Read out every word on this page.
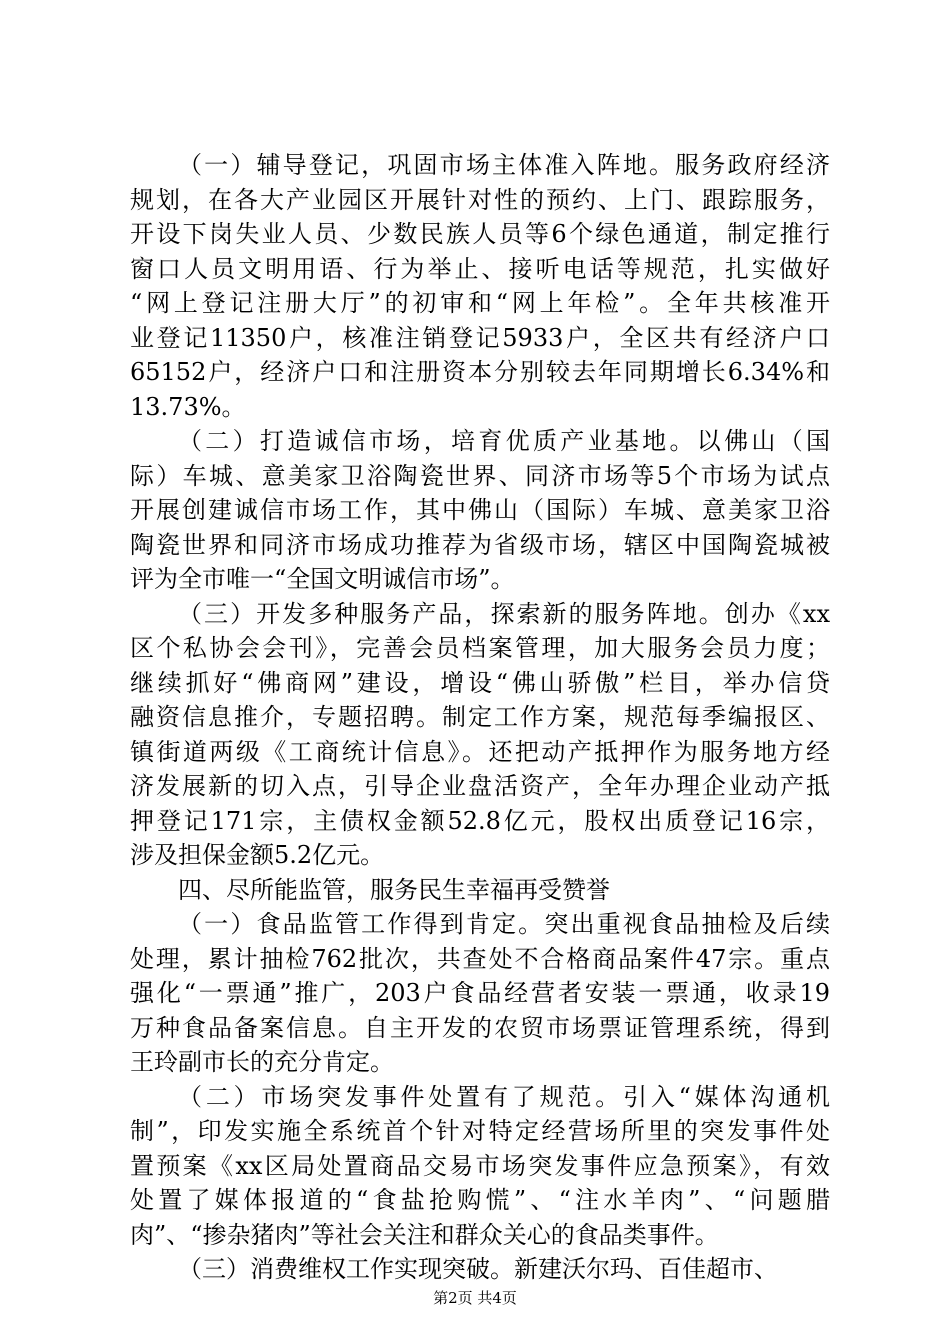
（一）辅导登记，巩固市场主体准入阵地。服务政府经济
规划，在各大产业园区开展针对性的预约、上门、跟踪服务，
开设下岗失业人员、少数民族人员等6个绿色通道，制定推行
窗口人员文明用语、行为举止、接听电话等规范，扎实做好
“网上登记注册大厅”的初审和“网上年检”。全年共核准开
业登记11350户，核准注销登记5933户，全区共有经济户口
65152户，经济户口和注册资本分别较去年同期增长6.34%和
13.73%。
（二）打造诚信市场，培育优质产业基地。以佛山（国
际）车城、意美家卫浴陶瓷世界、同济市场等5个市场为试点
开展创建诚信市场工作，其中佛山（国际）车城、意美家卫浴
陶瓷世界和同济市场成功推荐为省级市场，辖区中国陶瓷城被
评为全市唯一“全国文明诚信市场”。
（三）开发多种服务产品，探索新的服务阵地。创办《xx
区个私协会会刊》，完善会员档案管理，加大服务会员力度；
继续抓好“佛商网”建设，增设“佛山骄傲”栏目，举办信贷
融资信息推介，专题招聘。制定工作方案，规范每季编报区、
镇街道两级《工商统计信息》。还把动产抵押作为服务地方经
济发展新的切入点，引导企业盘活资产，全年办理企业动产抵
押登记171宗，主债权金额52.8亿元，股权出质登记16宗，
涉及担保金额5.2亿元。
四、尽所能监管，服务民生幸福再受赞誉
（一）食品监管工作得到肯定。突出重视食品抽检及后续
处理，累计抽检762批次，共查处不合格商品案件47宗。重点
强化“一票通”推广，203户食品经营者安装一票通，收录19
万种食品备案信息。自主开发的农贸市场票证管理系统，得到
王玲副市长的充分肯定。
（二）市场突发事件处置有了规范。引入“媒体沟通机
制”，印发实施全系统首个针对特定经营场所里的突发事件处
置预案《xx区局处置商品交易市场突发事件应急预案》，有效
处置了媒体报道的“食盐抢购慌”、“注水羊肉”、“问题腊
肉”、“掺杂猪肉”等社会关注和群众关心的食品类事件。
（三）消费维权工作实现突破。新建沃尔玛、百佳超市、
第2页 共4页
